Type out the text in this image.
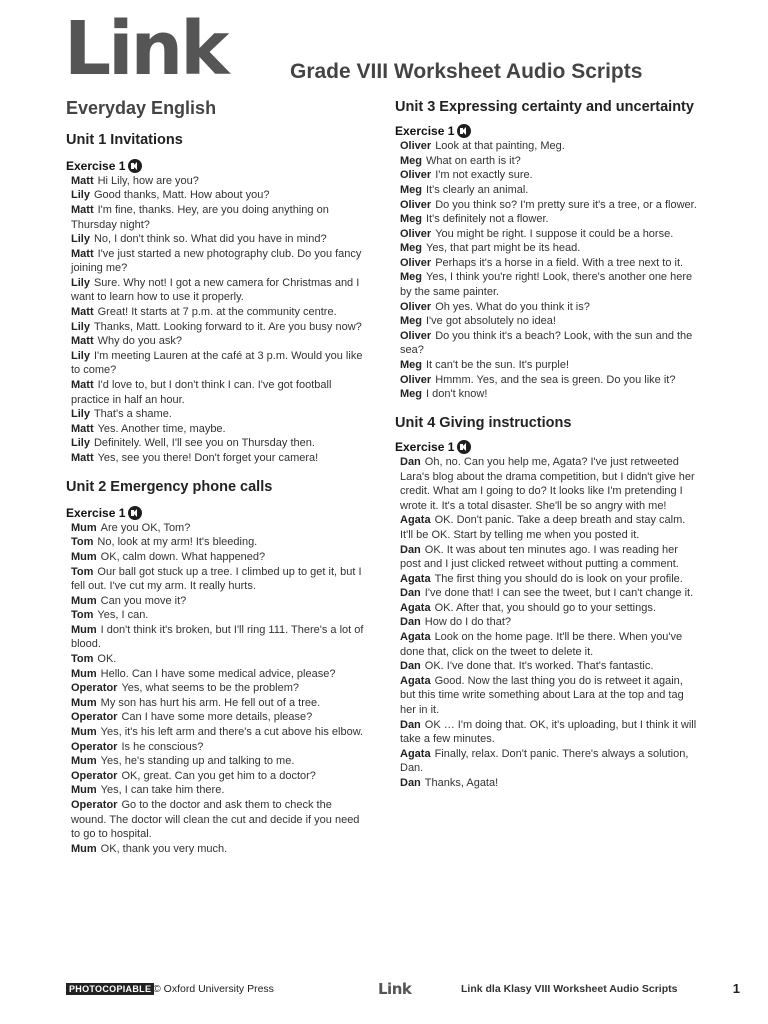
Link	Grade VIII Worksheet Audio Scripts
Everyday English
Unit 1 Invitations
Exercise 1
Matt Hi Lily, how are you?
Lily Good thanks, Matt. How about you?
Matt I'm fine, thanks. Hey, are you doing anything on Thursday night?
Lily No, I don't think so. What did you have in mind?
Matt I've just started a new photography club. Do you fancy joining me?
Lily Sure. Why not! I got a new camera for Christmas and I want to learn how to use it properly.
Matt Great! It starts at 7 p.m. at the community centre.
Lily Thanks, Matt. Looking forward to it. Are you busy now?
Matt Why do you ask?
Lily I'm meeting Lauren at the café at 3 p.m. Would you like to come?
Matt I'd love to, but I don't think I can. I've got football practice in half an hour.
Lily That's a shame.
Matt Yes. Another time, maybe.
Lily Definitely. Well, I'll see you on Thursday then.
Matt Yes, see you there! Don't forget your camera!
Unit 2 Emergency phone calls
Exercise 1
Mum Are you OK, Tom?
Tom No, look at my arm! It's bleeding.
Mum OK, calm down. What happened?
Tom Our ball got stuck up a tree. I climbed up to get it, but I fell out. I've cut my arm. It really hurts.
Mum Can you move it?
Tom Yes, I can.
Mum I don't think it's broken, but I'll ring 111. There's a lot of blood.
Tom OK.
Mum Hello. Can I have some medical advice, please?
Operator Yes, what seems to be the problem?
Mum My son has hurt his arm. He fell out of a tree.
Operator Can I have some more details, please?
Mum Yes, it's his left arm and there's a cut above his elbow.
Operator Is he conscious?
Mum Yes, he's standing up and talking to me.
Operator OK, great. Can you get him to a doctor?
Mum Yes, I can take him there.
Operator Go to the doctor and ask them to check the wound. The doctor will clean the cut and decide if you need to go to hospital.
Mum OK, thank you very much.
Unit 3 Expressing certainty and uncertainty
Exercise 1
Oliver Look at that painting, Meg.
Meg What on earth is it?
Oliver I'm not exactly sure.
Meg It's clearly an animal.
Oliver Do you think so? I'm pretty sure it's a tree, or a flower.
Meg It's definitely not a flower.
Oliver You might be right. I suppose it could be a horse.
Meg Yes, that part might be its head.
Oliver Perhaps it's a horse in a field. With a tree next to it.
Meg Yes, I think you're right! Look, there's another one here by the same painter.
Oliver Oh yes. What do you think it is?
Meg I've got absolutely no idea!
Oliver Do you think it's a beach? Look, with the sun and the sea?
Meg It can't be the sun. It's purple!
Oliver Hmmm. Yes, and the sea is green. Do you like it?
Meg I don't know!
Unit 4 Giving instructions
Exercise 1
Dan Oh, no. Can you help me, Agata? I've just retweeted Lara's blog about the drama competition, but I didn't give her credit. What am I going to do? It looks like I'm pretending I wrote it. It's a total disaster. She'll be so angry with me!
Agata OK. Don't panic. Take a deep breath and stay calm. It'll be OK. Start by telling me when you posted it.
Dan OK. It was about ten minutes ago. I was reading her post and I just clicked retweet without putting a comment.
Agata The first thing you should do is look on your profile.
Dan I've done that! I can see the tweet, but I can't change it.
Agata OK. After that, you should go to your settings.
Dan How do I do that?
Agata Look on the home page. It'll be there. When you've done that, click on the tweet to delete it.
Dan OK. I've done that. It's worked. That's fantastic.
Agata Good. Now the last thing you do is retweet it again, but this time write something about Lara at the top and tag her in it.
Dan OK … I'm doing that. OK, it's uploading, but I think it will take a few minutes.
Agata Finally, relax. Don't panic. There's always a solution, Dan.
Dan Thanks, Agata!
PHOTOCOPIABLE © Oxford University Press	Link	Link dla Klasy VIII Worksheet Audio Scripts	1
